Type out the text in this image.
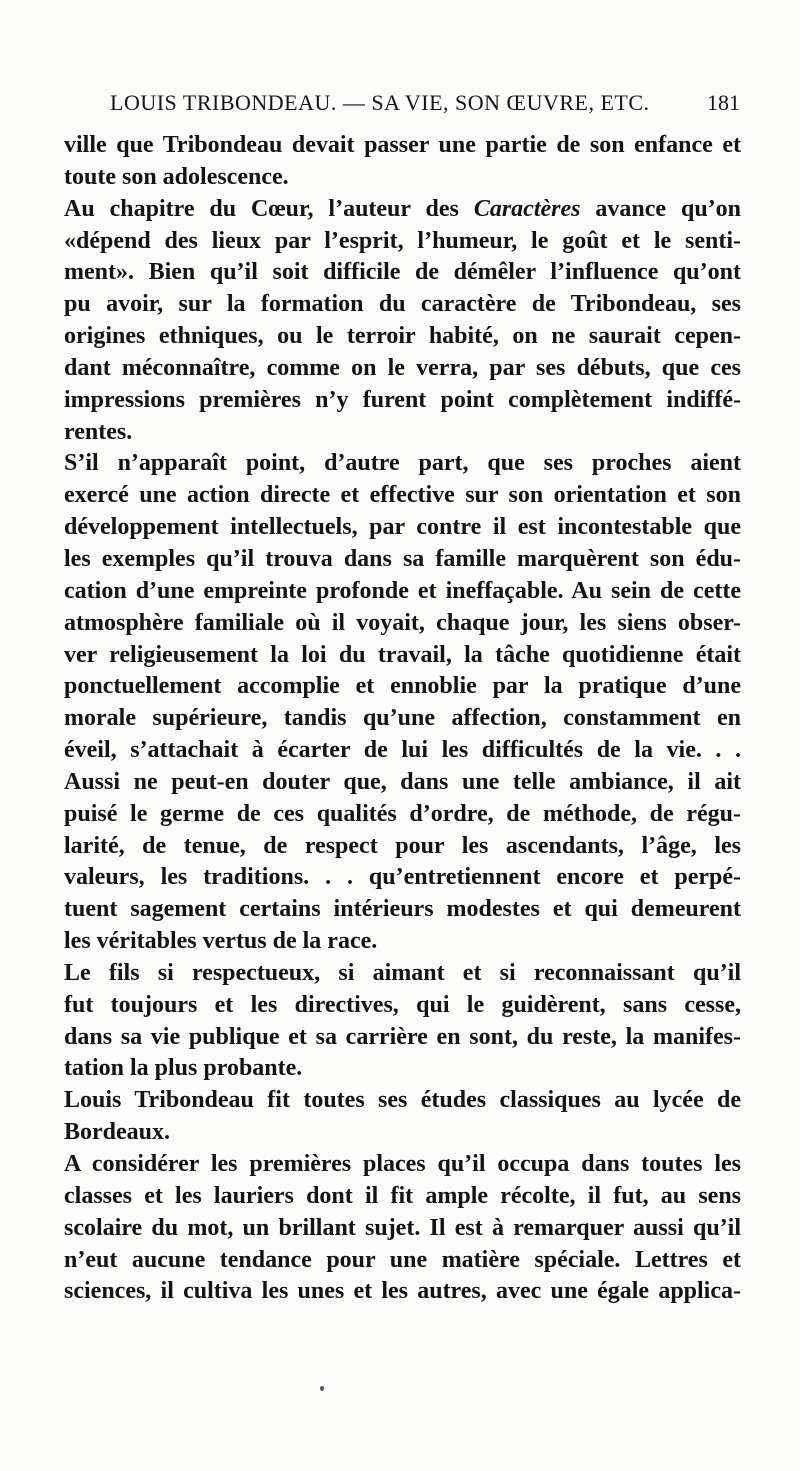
LOUIS TRIBONDEAU. — SA VIE, SON ŒUVRE, ETC.	181
ville que Tribondeau devait passer une partie de son enfance et
toute son adolescence.
Au chapitre du Cœur, l’auteur des Caractères avance qu’on
«dépend des lieux par l’esprit, l’humeur, le goût et le senti-
ment». Bien qu’il soit difficile de démêler l’influence qu’ont
pu avoir, sur la formation du caractère de Tribondeau, ses
origines ethniques, ou le terroir habité, on ne saurait cepen-
dant méconnaître, comme on le verra, par ses débuts, que ces
impressions premières n’y furent point complètement indiffé-
rentes.
S’il n’apparaît point, d’autre part, que ses proches aient
exercé une action directe et effective sur son orientation et son
développement intellectuels, par contre il est incontestable que
les exemples qu’il trouva dans sa famille marquèrent son édu-
cation d’une empreinte profonde et ineffaçable. Au sein de cette
atmosphère familiale où il voyait, chaque jour, les siens obser-
ver religieusement la loi du travail, la tâche quotidienne était
ponctuellement accomplie et ennoblie par la pratique d’une
morale supérieure, tandis qu’une affection, constamment en
éveil, s’attachait à écarter de lui les difficultés de la vie. . .
Aussi ne peut-en douter que, dans une telle ambiance, il ait
puisé le germe de ces qualités d’ordre, de méthode, de régu-
larité, de tenue, de respect pour les ascendants, l’âge, les
valeurs, les traditions. . . qu’entretiennent encore et perpé-
tuent sagement certains intérieurs modestes et qui demeurent
les véritables vertus de la race.
Le fils si respectueux, si aimant et si reconnaissant qu’il
fut toujours et les directives, qui le guidèrent, sans cesse,
dans sa vie publique et sa carrière en sont, du reste, la manifes-
tation la plus probante.
Louis Tribondeau fit toutes ses études classiques au lycée de
Bordeaux.
A considérer les premières places qu’il occupa dans toutes les
classes et les lauriers dont il fit ample récolte, il fut, au sens
scolaire du mot, un brillant sujet. Il est à remarquer aussi qu’il
n’eut aucune tendance pour une matière spéciale. Lettres et
sciences, il cultiva les unes et les autres, avec une égale applica-
